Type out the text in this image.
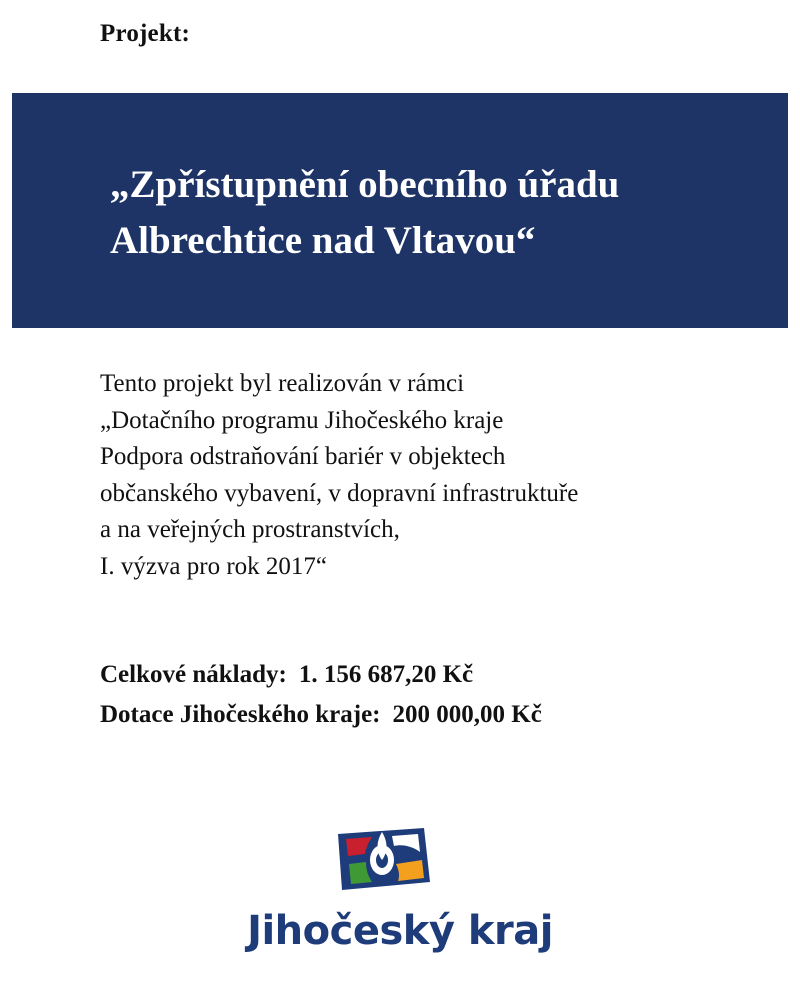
Projekt:
„Zpřístupnění obecního úřadu
Albrechtice nad Vltavou“
Tento projekt byl realizován v rámci
„Dotačního programu Jihočeského kraje
Podpora odstraňování bariér v objektech
občanského vybavení, v dopravní infrastruktuře
a na veřejných prostranstvích,
I. výzva pro rok 2017“
Celkové náklady: 1. 156 687,20 Kč
Dotace Jihočeského kraje: 200 000,00 Kč
Jihočeský kraj
